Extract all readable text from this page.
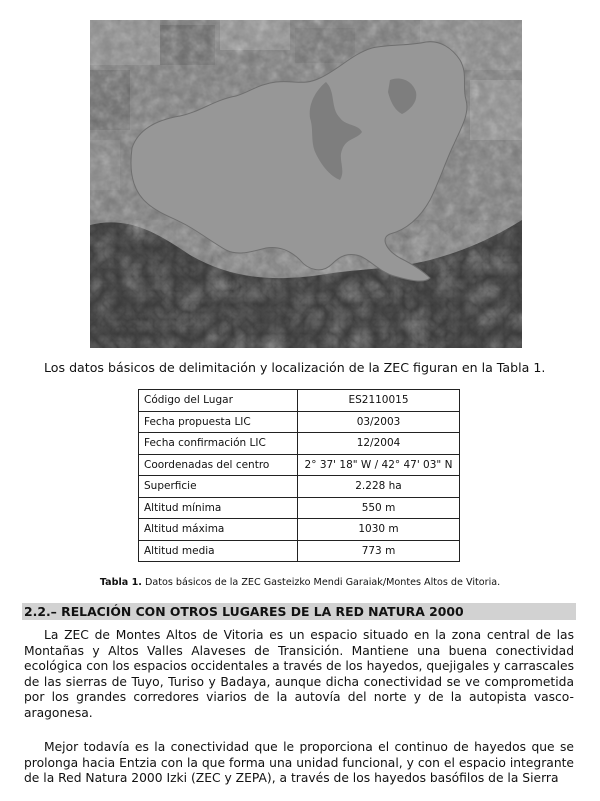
Los datos básicos de delimitación y localización de la ZEC figuran en la Tabla 1.
Código del Lugar	ES2110015
Fecha propuesta LIC	03/2003
Fecha confirmación LIC	12/2004
Coordenadas del centro	2° 37' 18" W / 42° 47' 03" N
Superficie	2.228 ha
Altitud mínima	550 m
Altitud máxima	1030 m
Altitud media	773 m
Tabla 1. Datos básicos de la ZEC Gasteizko Mendi Garaiak/Montes Altos de Vitoria.
2.2.– RELACIÓN CON OTROS LUGARES DE LA RED NATURA 2000

La ZEC de Montes Altos de Vitoria es un espacio situado en la zona central de las Montañas y Altos Valles Alaveses de Transición. Mantiene una buena conectividad ecológica con los espacios occidentales a través de los hayedos, quejigales y carrascales de las sierras de Tuyo, Turiso y Badaya, aunque dicha conectividad se ve comprometida por los grandes corredores viarios de la autovía del norte y de la autopista vasco-aragonesa.

Mejor todavía es la conectividad que le proporciona el continuo de hayedos que se prolonga hacia Entzia con la que forma una unidad funcional, y con el espacio integrante de la Red Natura 2000 Izki (ZEC y ZEPA), a través de los hayedos basófilos de la Sierra
